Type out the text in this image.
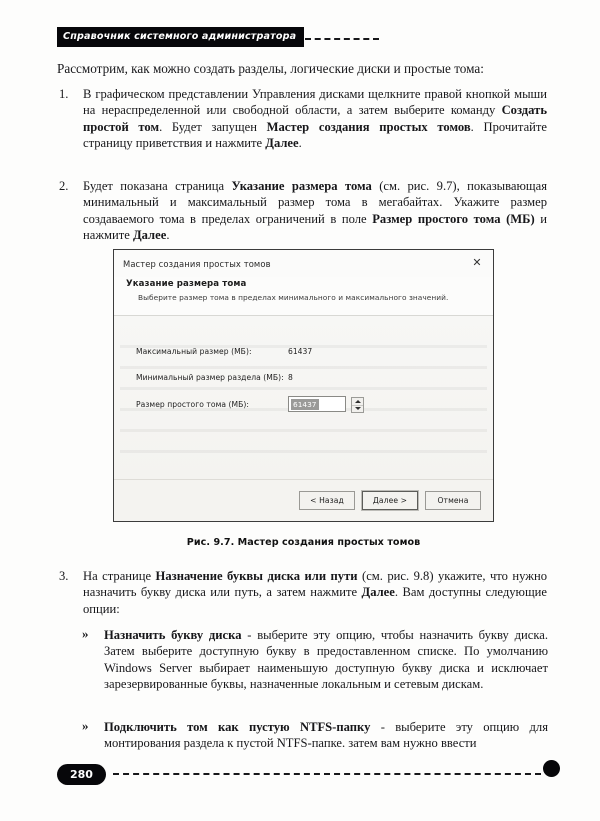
Справочник системного администратора
Рассмотрим, как можно создать разделы, логические диски и простые тома:
1.	В графическом представлении Управления дисками щелкните правой кнопкой мыши на нераспределенной или свободной области, а затем выберите команду Создать простой том. Будет запущен Мастер создания простых томов. Прочитайте страницу приветствия и нажмите Далее.
2.	Будет показана страница Указание размера тома (см. рис. 9.7), показывающая минимальный и максимальный размер тома в мегабайтах. Укажите размер создаваемого тома в пределах ограничений в поле Размер простого тома (МБ) и нажмите Далее.
Мастер создания простых томов	✕
Указание размера тома
Выберите размер тома в пределах минимального и максимального значений.
Максимальный размер (МБ):	61437
Минимальный размер раздела (МБ): 8
Размер простого тома (МБ):	61437
< Назад	Далее >	Отмена
Рис. 9.7. Мастер создания простых томов
3.	На странице Назначение буквы диска или пути (см. рис. 9.8) укажите, что нужно назначить букву диска или путь, а затем нажмите Далее. Вам доступны следующие опции:
» Назначить букву диска - выберите эту опцию, чтобы назначить букву диска. Затем выберите доступную букву в предоставленном списке. По умолчанию Windows Server выбирает наименьшую доступную букву диска и исключает зарезервированные буквы, назначенные локальным и сетевым дискам.
» Подключить том как пустую NTFS-папку - выберите эту опцию для монтирования раздела к пустой NTFS-папке. затем вам нужно ввести
280
